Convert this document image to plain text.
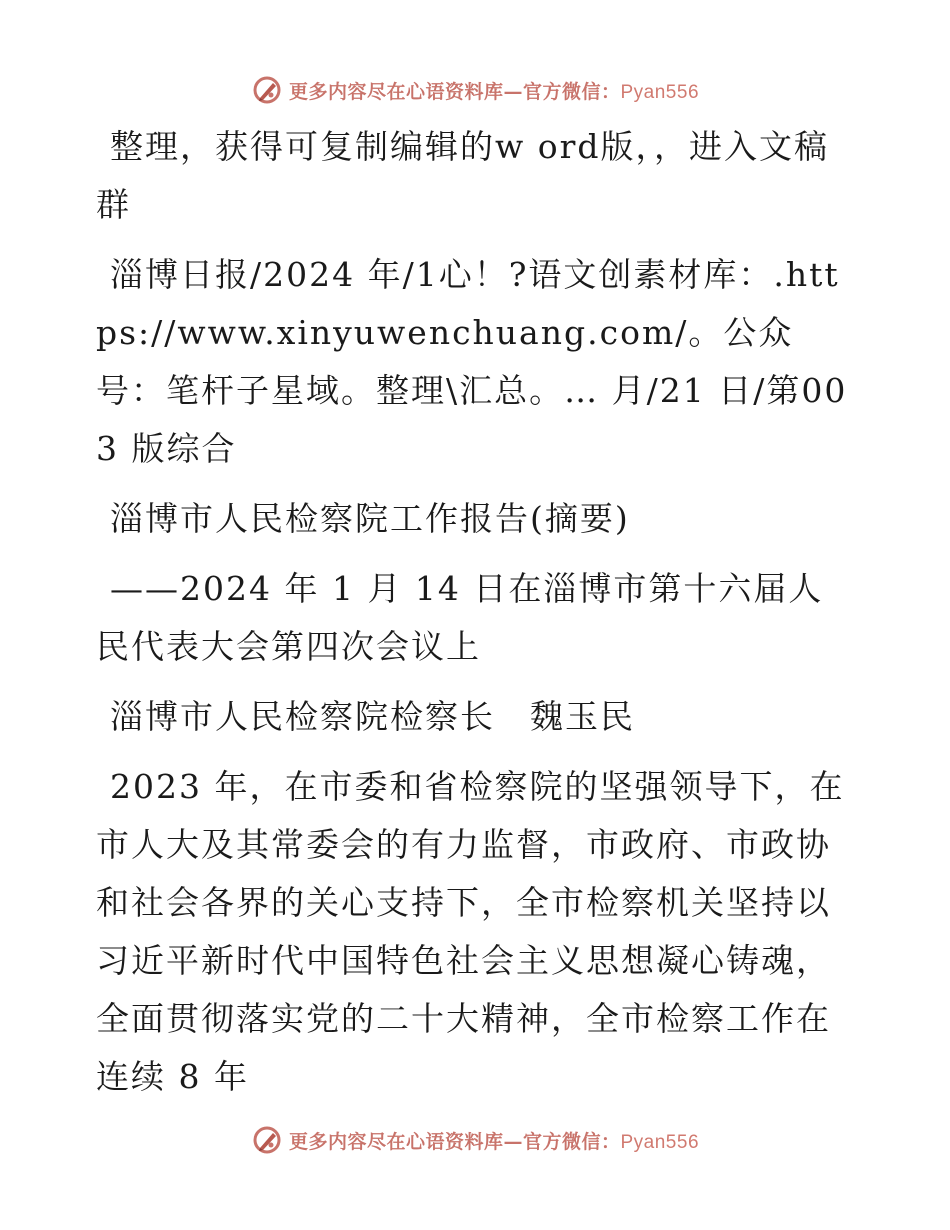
更多内容尽在心语资料库—官方微信：Pyan556

整理，获得可复制编辑的w ord版，，进入文稿群

淄博日报/2024 年/1心！?语文创素材库：.https://www.xinyuwenchuang.com/。公众号：笔杆子星域。整理\汇总。… 月/21 日/第003 版综合

淄博市人民检察院工作报告(摘要)

——2024 年 1 月 14 日在淄博市第十六届人民代表大会第四次会议上

淄博市人民检察院检察长　魏玉民

2023 年，在市委和省检察院的坚强领导下，在市人大及其常委会的有力监督，市政府、市政协和社会各界的关心支持下，全市检察机关坚持以习近平新时代中国特色社会主义思想凝心铸魂，全面贯彻落实党的二十大精神，全市检察工作在连续 8 年

更多内容尽在心语资料库—官方微信：Pyan556
